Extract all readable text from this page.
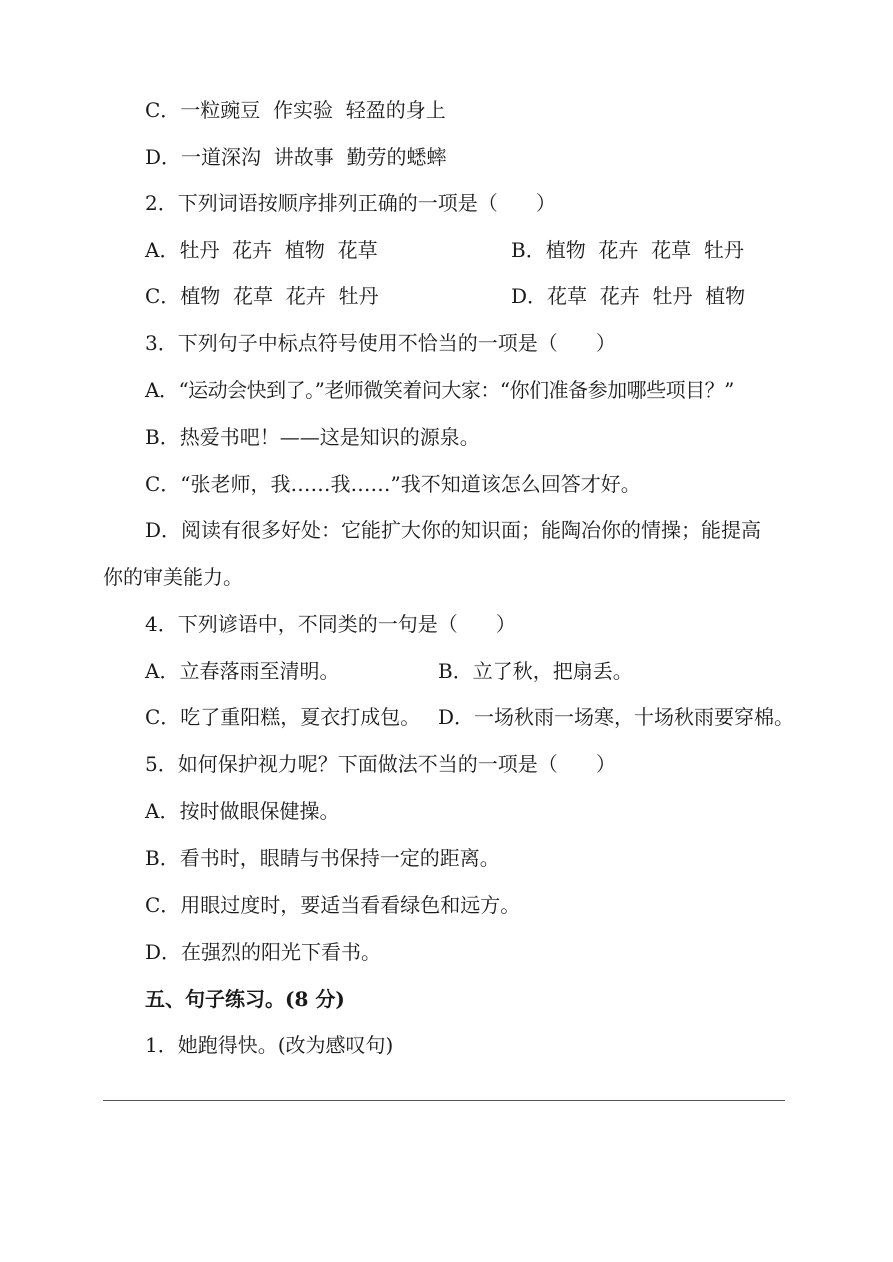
C．一粒豌豆  作实验  轻盈的身上
D．一道深沟  讲故事  勤劳的蟋蟀
2．下列词语按顺序排列正确的一项是（      ）
A．牡丹  花卉  植物  花草	B．植物  花卉  花草  牡丹
C．植物  花草  花卉  牡丹	D．花草  花卉  牡丹  植物
3．下列句子中标点符号使用不恰当的一项是（      ）
A．“运动会快到了。”老师微笑着问大家：“你们准备参加哪些项目？”
B．热爱书吧！——这是知识的源泉。
C．“张老师，我……我……”我不知道该怎么回答才好。
D．阅读有很多好处：它能扩大你的知识面；能陶冶你的情操；能提高
你的审美能力。
4．下列谚语中，不同类的一句是（      ）
A．立春落雨至清明。	B．立了秋，把扇丢。
C．吃了重阳糕，夏衣打成包。 D．一场秋雨一场寒，十场秋雨要穿棉。
5．如何保护视力呢？下面做法不当的一项是（      ）
A．按时做眼保健操。
B．看书时，眼睛与书保持一定的距离。
C．用眼过度时，要适当看看绿色和远方。
D．在强烈的阳光下看书。
五、句子练习。(8 分)
1．她跑得快。(改为感叹句)
